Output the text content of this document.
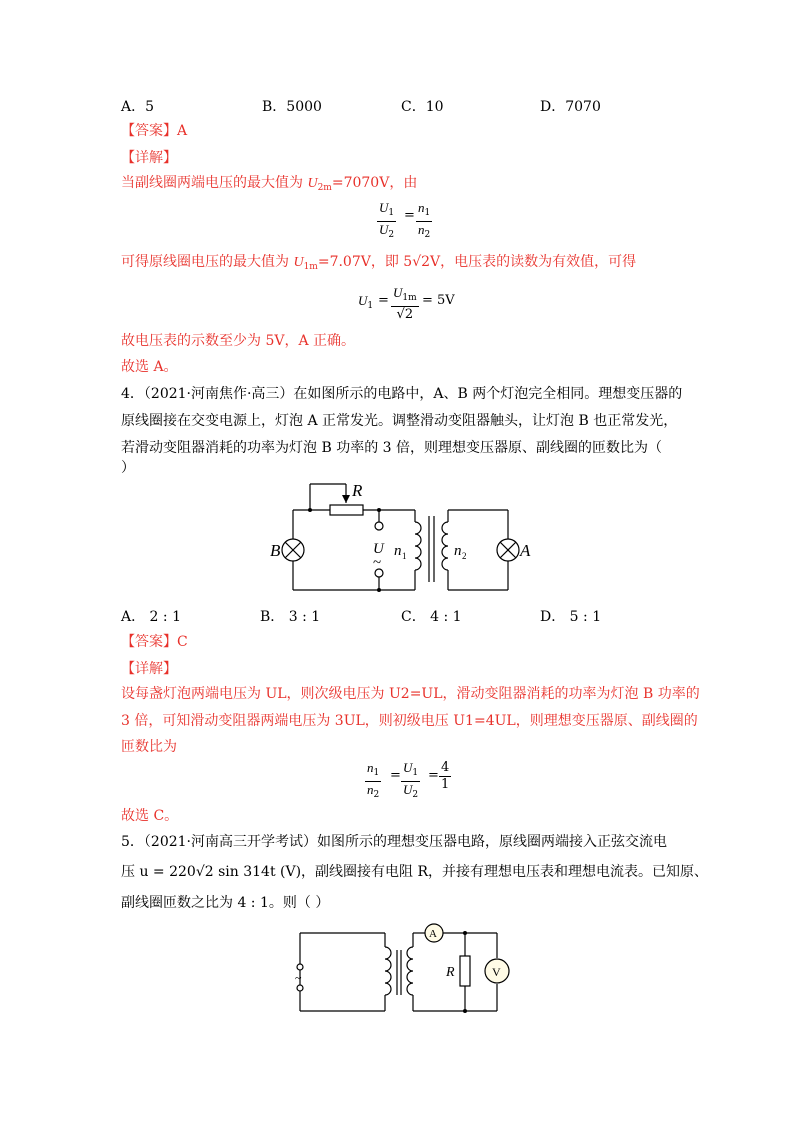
A．5	B．5000	C．10	D．7070
【答案】A
【详解】
当副线圈两端电压的最大值为 $U_{2m}=7070V$，由
$\frac{U_1}{U_2} = \frac{n_1}{n_2}$
可得原线圈电压的最大值为 $U_{1m}=7.07V$，即 5√2V，电压表的读数为有效值，可得
$U_1 = \frac{U_{1m}}{√2} = 5V$
故电压表的示数至少为 5V，A 正确。
故选 A。
4．（2021·河南焦作·高三）在如图所示的电路中，A、B 两个灯泡完全相同。理想变压器的
原线圈接在交变电源上，灯泡 A 正常发光。调整滑动变阻器触头，让灯泡 B 也正常发光，
若滑动变阻器消耗的功率为灯泡 B 功率的 3 倍，则理想变压器原、副线圈的匝数比为（
）
R
B	U
~
n 1	n 2	A
A． 2 : 1	B． 3 : 1	C． 4 : 1	D． 5 : 1
【答案】C
【详解】
设每盏灯泡两端电压为 UL，则次级电压为 U2=UL，滑动变阻器消耗的功率为灯泡 B 功率的
3 倍，可知滑动变阻器两端电压为 3UL，则初级电压 U1=4UL，则理想变压器原、副线圈的
匝数比为
$\frac{n_1}{n_2} = \frac{U_1}{U_2} = \frac{4}{1}$
故选 C。
5．（2021·河南高三开学考试）如图所示的理想变压器电路，原线圈两端接入正弦交流电
压 u = 220√2 sin 314t (V)，副线圈接有电阻 R，并接有理想电压表和理想电流表。已知原、
副线圈匝数之比为 4 : 1。则（ ）
A
V
R
~
